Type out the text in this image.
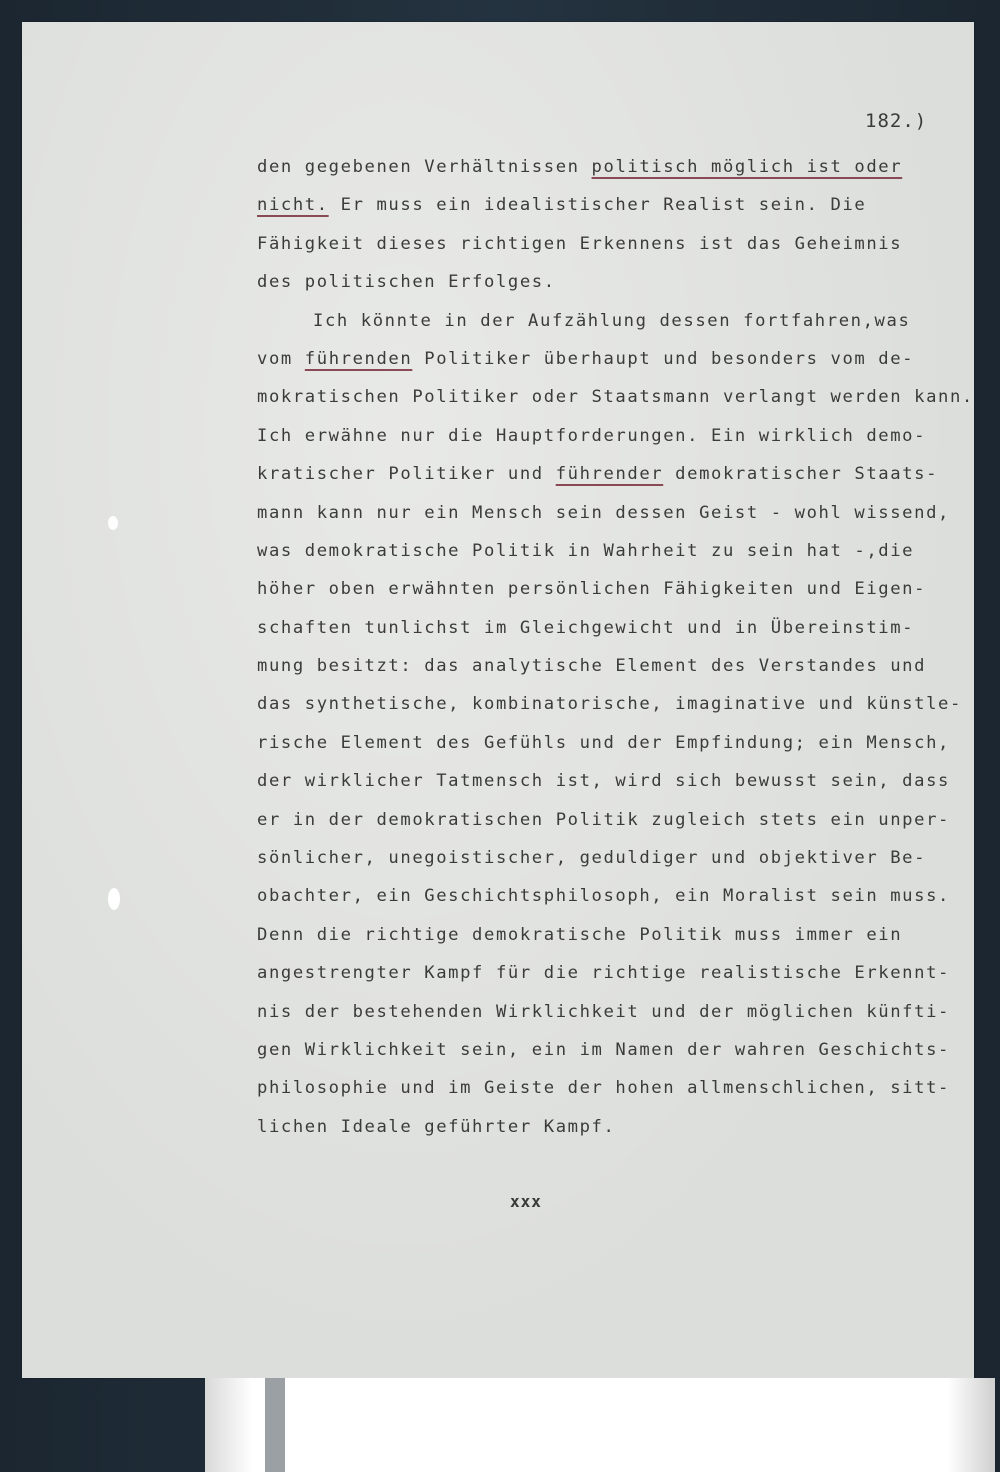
182.)
den gegebenen Verhältnissen politisch möglich ist oder
nicht. Er muss ein idealistischer Realist sein. Die
Fähigkeit dieses richtigen Erkennens ist das Geheimnis
des politischen Erfolges.
Ich könnte in der Aufzählung dessen fortfahren,was
vom führenden Politiker überhaupt und besonders vom de-
mokratischen Politiker oder Staatsmann verlangt werden kann.
Ich erwähne nur die Hauptforderungen. Ein wirklich demo-
kratischer Politiker und führender demokratischer Staats-
mann kann nur ein Mensch sein dessen Geist - wohl wissend,
was demokratische Politik in Wahrheit zu sein hat -,die
höher oben erwähnten persönlichen Fähigkeiten und Eigen-
schaften tunlichst im Gleichgewicht und in Übereinstim-
mung besitzt: das analytische Element des Verstandes und
das synthetische, kombinatorische, imaginative und künstle-
rische Element des Gefühls und der Empfindung; ein Mensch,
der wirklicher Tatmensch ist, wird sich bewusst sein, dass
er in der demokratischen Politik zugleich stets ein unper-
sönlicher, unegoistischer, geduldiger und objektiver Be-
obachter, ein Geschichtsphilosoph, ein Moralist sein muss.
Denn die richtige demokratische Politik muss immer ein
angestrengter Kampf für die richtige realistische Erkennt-
nis der bestehenden Wirklichkeit und der möglichen künfti-
gen Wirklichkeit sein, ein im Namen der wahren Geschichts-
philosophie und im Geiste der hohen allmenschlichen, sitt-
lichen Ideale geführter Kampf.
xxx
